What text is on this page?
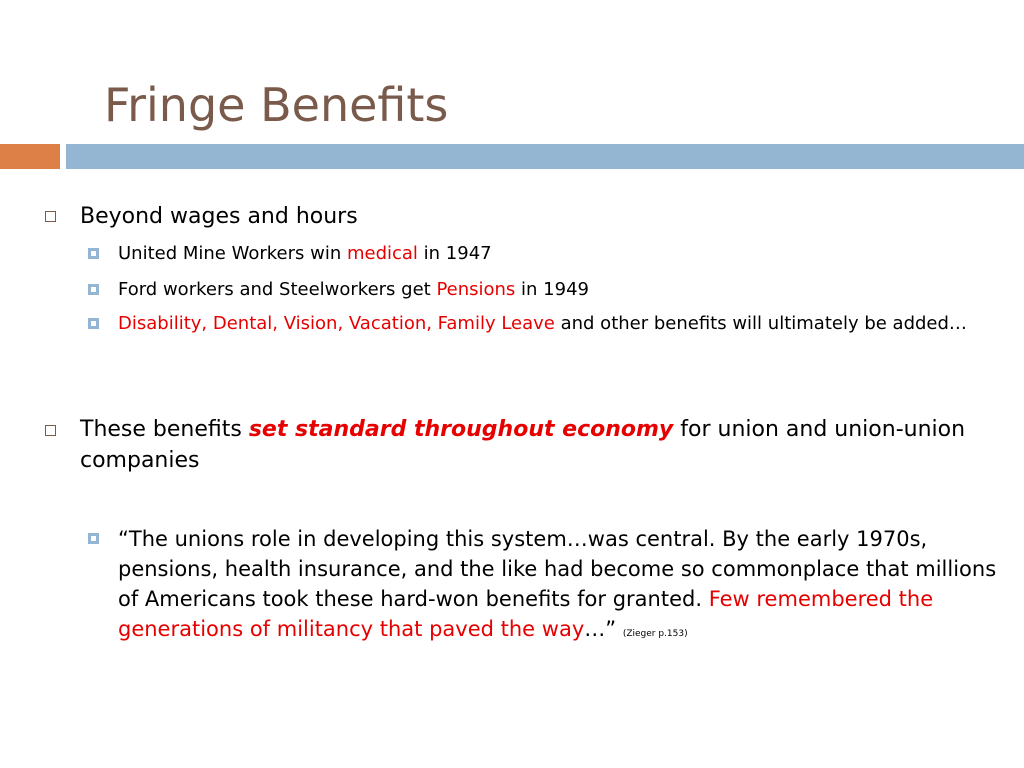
Fringe Benefits
Beyond wages and hours
United Mine Workers win medical in 1947
Ford workers and Steelworkers get Pensions in 1949
Disability, Dental, Vision, Vacation, Family Leave and other benefits will ultimately be added…
These benefits set standard throughout economy for union and union-union companies
“The unions role in developing this system…was central. By the early 1970s, pensions, health insurance, and the like had become so commonplace that millions of Americans took these hard-won benefits for granted. Few remembered the generations of militancy that paved the way…” (Zieger p.153)
